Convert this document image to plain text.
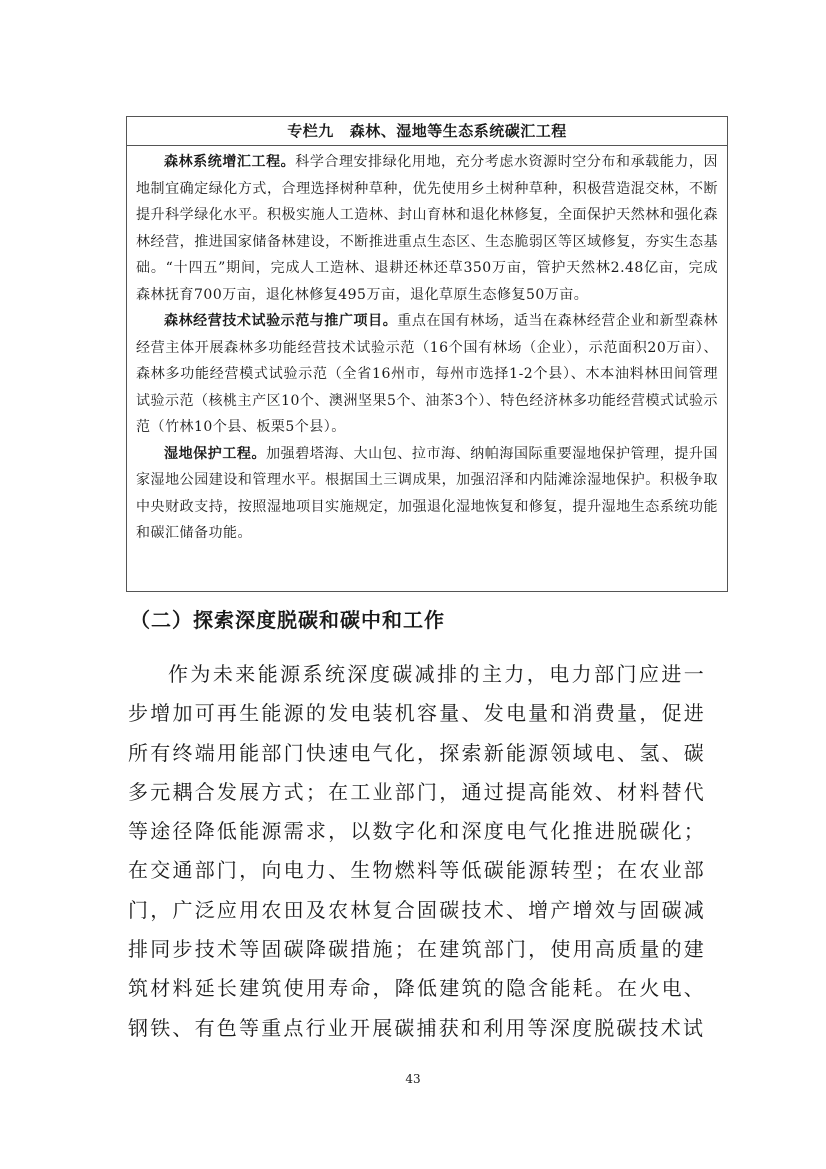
专栏九 森林、湿地等生态系统碳汇工程

森林系统增汇工程。科学合理安排绿化用地，充分考虑水资源时空分布和承载能力，因地制宜确定绿化方式，合理选择树种草种，优先使用乡土树种草种，积极营造混交林，不断提升科学绿化水平。积极实施人工造林、封山育林和退化林修复，全面保护天然林和强化森林经营，推进国家储备林建设，不断推进重点生态区、生态脆弱区等区域修复，夯实生态基础。“十四五”期间，完成人工造林、退耕还林还草350万亩，管护天然林2.48亿亩，完成森林抚育700万亩，退化林修复495万亩，退化草原生态修复50万亩。

森林经营技术试验示范与推广项目。重点在国有林场，适当在森林经营企业和新型森林经营主体开展森林多功能经营技术试验示范（16个国有林场（企业），示范面积20万亩）、森林多功能经营模式试验示范（全省16州市，每州市选择1-2个县）、木本油料林田间管理试验示范（核桃主产区10个、澳洲坚果5个、油茶3个）、特色经济林多功能经营模式试验示范（竹林10个县、板栗5个县）。

湿地保护工程。加强碧塔海、大山包、拉市海、纳帕海国际重要湿地保护管理，提升国家湿地公园建设和管理水平。根据国土三调成果，加强沼泽和内陆滩涂湿地保护。积极争取中央财政支持，按照湿地项目实施规定，加强退化湿地恢复和修复，提升湿地生态系统功能和碳汇储备功能。

（二）探索深度脱碳和碳中和工作

作为未来能源系统深度碳减排的主力，电力部门应进一步增加可再生能源的发电装机容量、发电量和消费量，促进所有终端用能部门快速电气化，探索新能源领域电、氢、碳多元耦合发展方式；在工业部门，通过提高能效、材料替代等途径降低能源需求，以数字化和深度电气化推进脱碳化；在交通部门，向电力、生物燃料等低碳能源转型；在农业部门，广泛应用农田及农林复合固碳技术、增产增效与固碳减排同步技术等固碳降碳措施；在建筑部门，使用高质量的建筑材料延长建筑使用寿命，降低建筑的隐含能耗。在火电、钢铁、有色等重点行业开展碳捕获和利用等深度脱碳技术试

43
